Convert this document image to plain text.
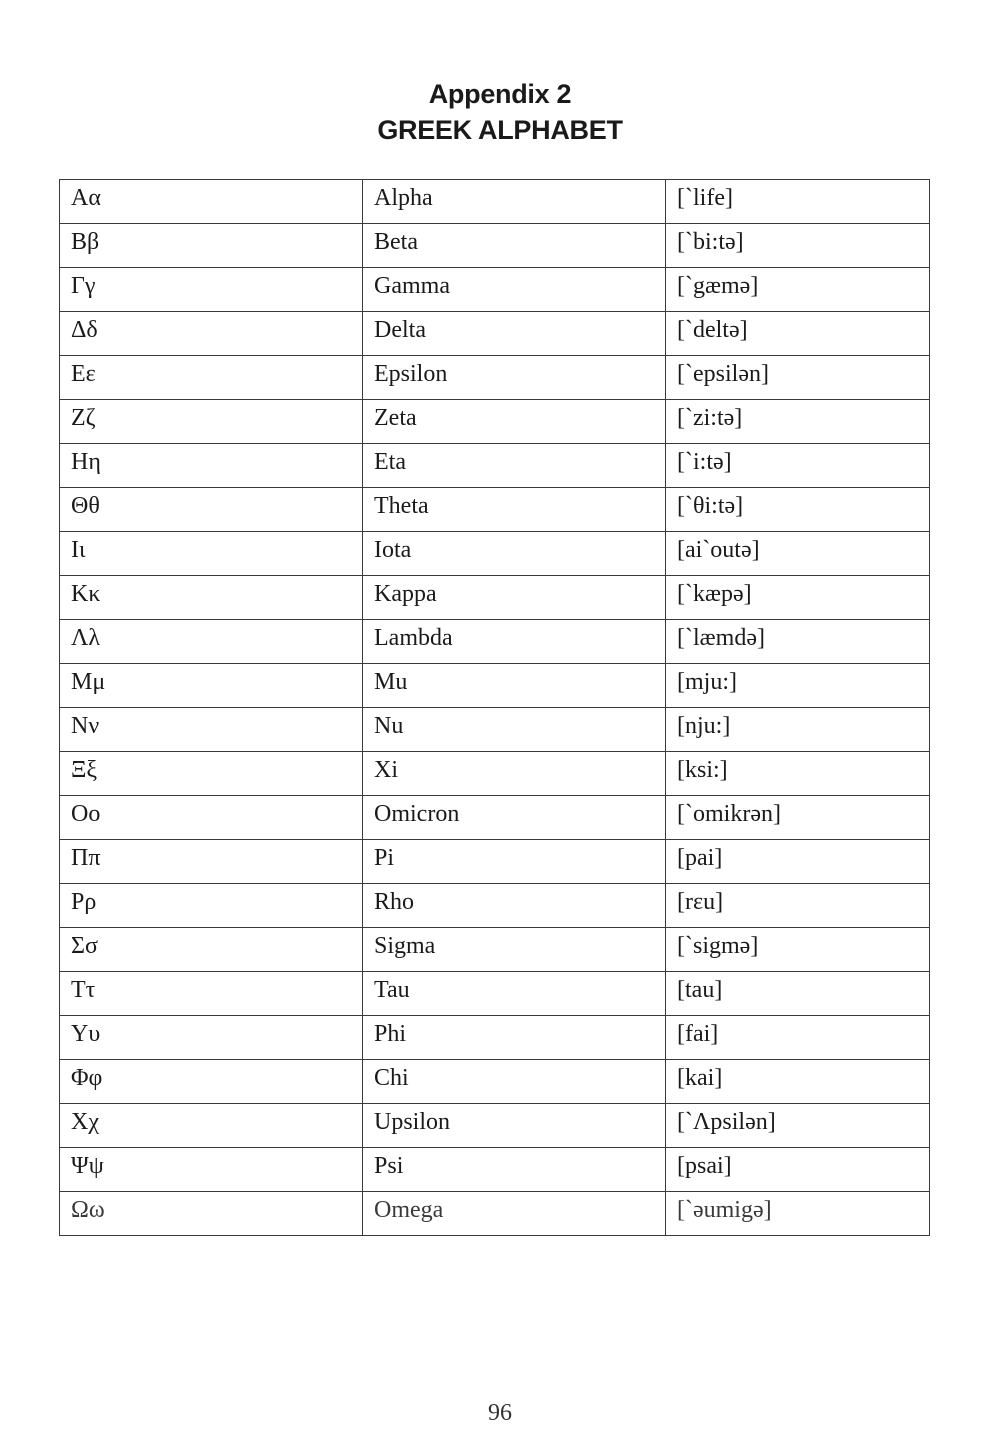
Appendix 2
GREEK ALPHABET
Αα	Alpha	[`life]
Ββ	Beta	[`bi:tə]
Γγ	Gamma	[`gæmə]
Δδ	Delta	[`deltə]
Εε	Epsilon	[`epsilən]
Ζζ	Zeta	[`zi:tə]
Ηη	Eta	[`i:tə]
Θθ	Theta	[`θi:tə]
Ιι	Iota	[ai`outə]
Κκ	Kappa	[`kæpə]
Λλ	Lambda	[`læmdə]
Μμ	Mu	[mju:]
Νν	Nu	[nju:]
Ξξ	Xi	[ksi:]
Οο	Omicron	[`omikrən]
Ππ	Pi	[pai]
Ρρ	Rho	[rεu]
Σσ	Sigma	[`sigmə]
Ττ	Tau	[tau]
Υυ	Phi	[fai]
Φφ	Chi	[kai]
Χχ	Upsilon	[`Λpsilən]
Ψψ	Psi	[psai]
Ωω	Omega	[`əumigə]
96
